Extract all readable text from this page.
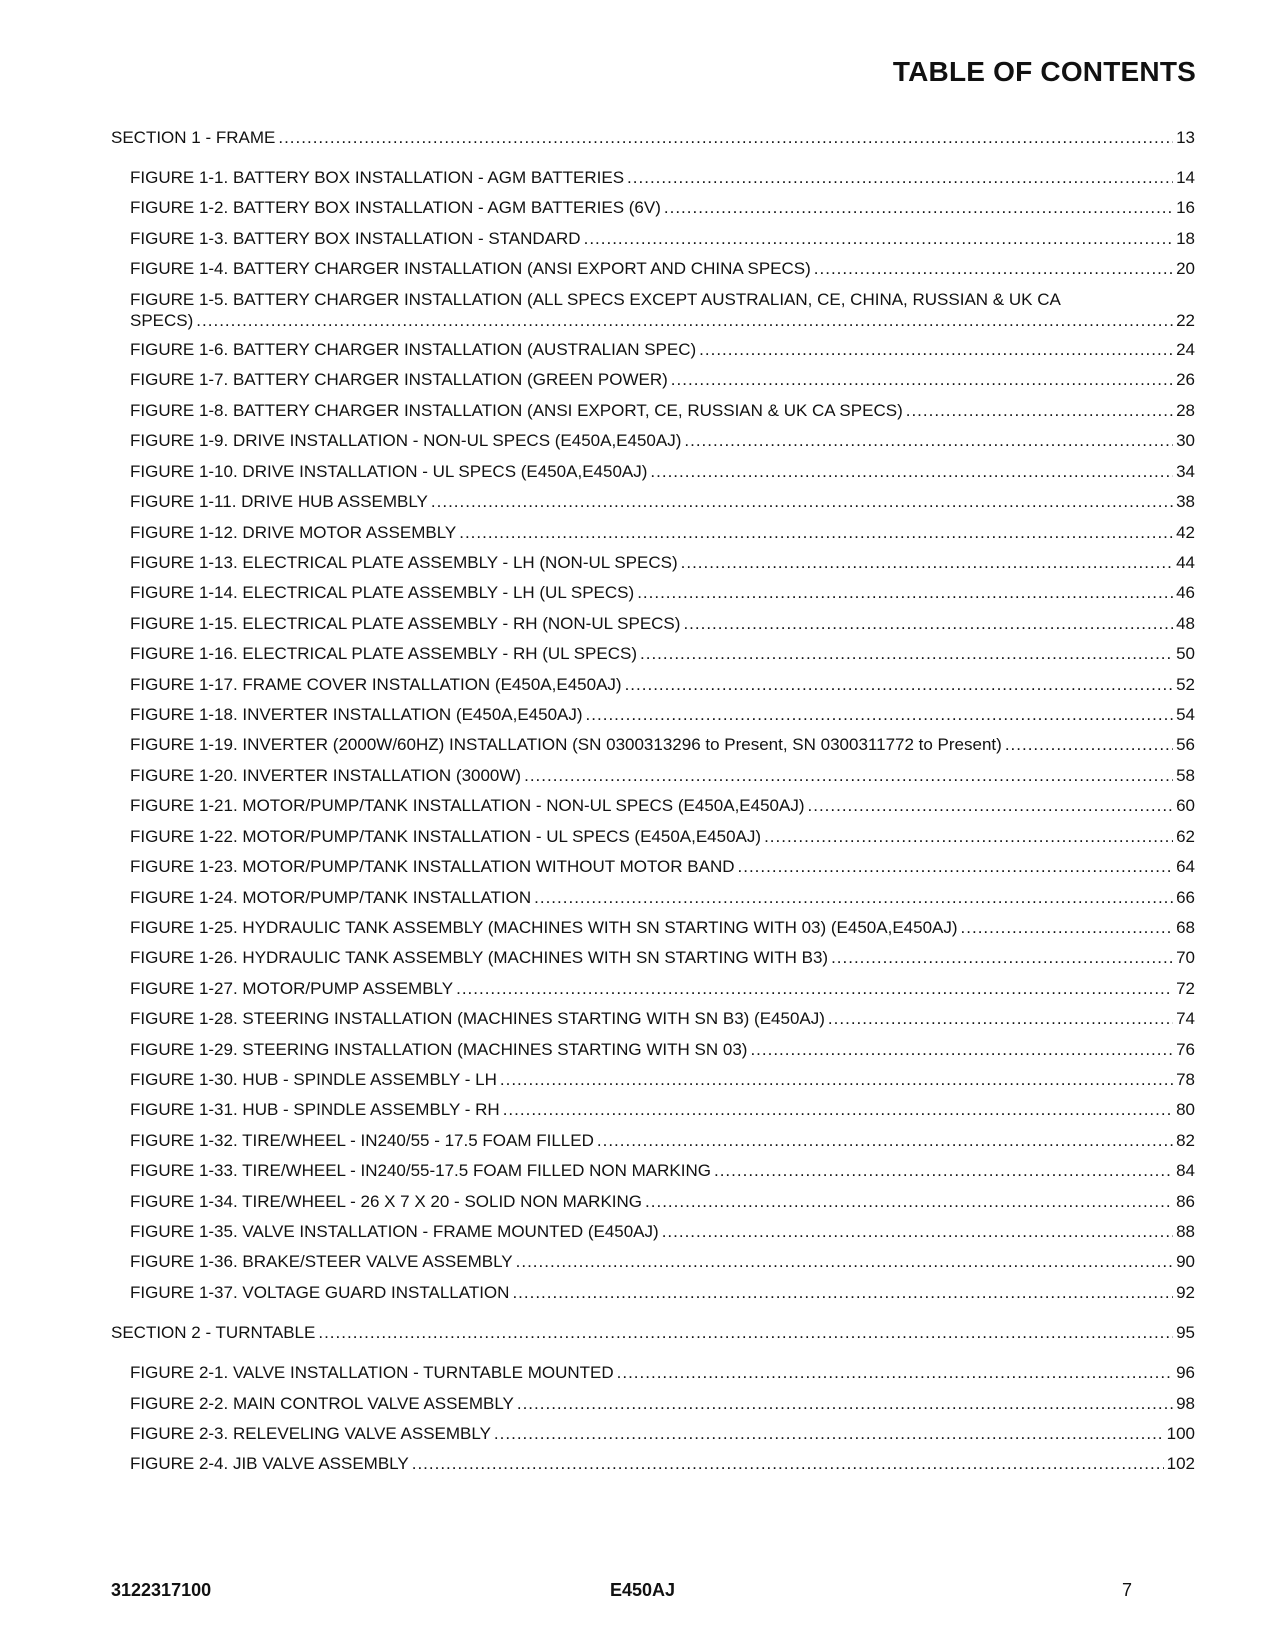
TABLE OF CONTENTS
SECTION 1 - FRAME .....	13
FIGURE 1-1. BATTERY BOX INSTALLATION - AGM BATTERIES .....	14
FIGURE 1-2. BATTERY BOX INSTALLATION - AGM BATTERIES (6V) .....	16
FIGURE 1-3. BATTERY BOX INSTALLATION - STANDARD .....	18
FIGURE 1-4. BATTERY CHARGER INSTALLATION (ANSI EXPORT AND CHINA SPECS) .....	20
FIGURE 1-5. BATTERY CHARGER INSTALLATION (ALL SPECS EXCEPT AUSTRALIAN, CE, CHINA, RUSSIAN & UK CA
SPECS) .....	22
FIGURE 1-6. BATTERY CHARGER INSTALLATION (AUSTRALIAN SPEC) .....	24
FIGURE 1-7. BATTERY CHARGER INSTALLATION (GREEN POWER) .....	26
FIGURE 1-8. BATTERY CHARGER INSTALLATION (ANSI EXPORT, CE, RUSSIAN & UK CA SPECS) .....	28
FIGURE 1-9. DRIVE INSTALLATION - NON-UL SPECS (E450A,E450AJ) .....	30
FIGURE 1-10. DRIVE INSTALLATION - UL SPECS (E450A,E450AJ) .....	34
FIGURE 1-11. DRIVE HUB ASSEMBLY .....	38
FIGURE 1-12. DRIVE MOTOR ASSEMBLY .....	42
FIGURE 1-13. ELECTRICAL PLATE ASSEMBLY - LH (NON-UL SPECS) .....	44
FIGURE 1-14. ELECTRICAL PLATE ASSEMBLY - LH (UL SPECS) .....	46
FIGURE 1-15. ELECTRICAL PLATE ASSEMBLY - RH (NON-UL SPECS) .....	48
FIGURE 1-16. ELECTRICAL PLATE ASSEMBLY - RH (UL SPECS) .....	50
FIGURE 1-17. FRAME COVER INSTALLATION (E450A,E450AJ) .....	52
FIGURE 1-18. INVERTER INSTALLATION (E450A,E450AJ) .....	54
FIGURE 1-19. INVERTER (2000W/60HZ) INSTALLATION (SN 0300313296 to Present, SN 0300311772 to Present) .....	56
FIGURE 1-20. INVERTER INSTALLATION (3000W) .....	58
FIGURE 1-21. MOTOR/PUMP/TANK INSTALLATION - NON-UL SPECS (E450A,E450AJ) .....	60
FIGURE 1-22. MOTOR/PUMP/TANK INSTALLATION - UL SPECS (E450A,E450AJ) .....	62
FIGURE 1-23. MOTOR/PUMP/TANK INSTALLATION WITHOUT MOTOR BAND .....	64
FIGURE 1-24. MOTOR/PUMP/TANK INSTALLATION .....	66
FIGURE 1-25. HYDRAULIC TANK ASSEMBLY (MACHINES WITH SN STARTING WITH 03) (E450A,E450AJ) .....	68
FIGURE 1-26. HYDRAULIC TANK ASSEMBLY (MACHINES WITH SN STARTING WITH B3) .....	70
FIGURE 1-27. MOTOR/PUMP ASSEMBLY .....	72
FIGURE 1-28. STEERING INSTALLATION (MACHINES STARTING WITH SN B3) (E450AJ) .....	74
FIGURE 1-29. STEERING INSTALLATION (MACHINES STARTING WITH SN 03) .....	76
FIGURE 1-30. HUB - SPINDLE ASSEMBLY - LH .....	78
FIGURE 1-31. HUB - SPINDLE ASSEMBLY - RH .....	80
FIGURE 1-32. TIRE/WHEEL - IN240/55 - 17.5 FOAM FILLED .....	82
FIGURE 1-33. TIRE/WHEEL - IN240/55-17.5 FOAM FILLED NON MARKING .....	84
FIGURE 1-34. TIRE/WHEEL - 26 X 7 X 20 - SOLID NON MARKING .....	86
FIGURE 1-35. VALVE INSTALLATION - FRAME MOUNTED (E450AJ) .....	88
FIGURE 1-36. BRAKE/STEER VALVE ASSEMBLY .....	90
FIGURE 1-37. VOLTAGE GUARD INSTALLATION .....	92
SECTION 2 - TURNTABLE .....	95
FIGURE 2-1. VALVE INSTALLATION - TURNTABLE MOUNTED .....	96
FIGURE 2-2. MAIN CONTROL VALVE ASSEMBLY .....	98
FIGURE 2-3. RELEVELING VALVE ASSEMBLY .....	100
FIGURE 2-4. JIB VALVE ASSEMBLY .....	102
3122317100	E450AJ	7
